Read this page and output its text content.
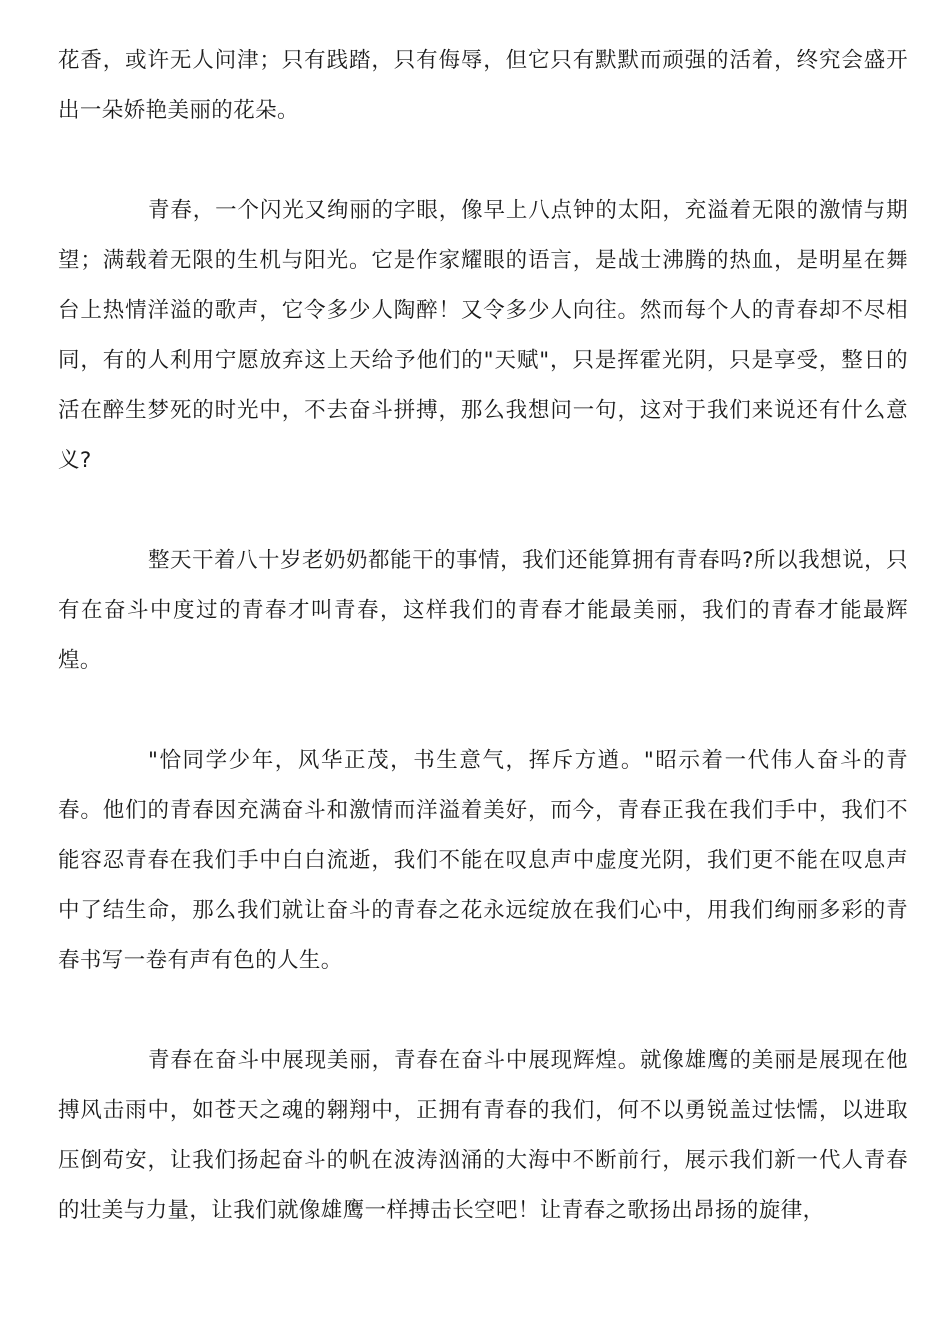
花香，或许无人问津；只有践踏，只有侮辱，但它只有默默而顽强的活着，终究会盛开出一朵娇艳美丽的花朵。

青春，一个闪光又绚丽的字眼，像早上八点钟的太阳，充溢着无限的激情与期望；满载着无限的生机与阳光。它是作家耀眼的语言，是战士沸腾的热血，是明星在舞台上热情洋溢的歌声，它令多少人陶醉！又令多少人向往。然而每个人的青春却不尽相同，有的人利用宁愿放弃这上天给予他们的"天赋"，只是挥霍光阴，只是享受，整日的活在醉生梦死的时光中，不去奋斗拼搏，那么我想问一句，这对于我们来说还有什么意义?

整天干着八十岁老奶奶都能干的事情，我们还能算拥有青春吗?所以我想说，只有在奋斗中度过的青春才叫青春，这样我们的青春才能最美丽，我们的青春才能最辉煌。

"恰同学少年，风华正茂，书生意气，挥斥方遒。"昭示着一代伟人奋斗的青春。他们的青春因充满奋斗和激情而洋溢着美好，而今，青春正我在我们手中，我们不能容忍青春在我们手中白白流逝，我们不能在叹息声中虚度光阴，我们更不能在叹息声中了结生命，那么我们就让奋斗的青春之花永远绽放在我们心中，用我们绚丽多彩的青春书写一卷有声有色的人生。

青春在奋斗中展现美丽，青春在奋斗中展现辉煌。就像雄鹰的美丽是展现在他搏风击雨中，如苍天之魂的翱翔中，正拥有青春的我们，何不以勇锐盖过怯懦，以进取压倒苟安，让我们扬起奋斗的帆在波涛汹涌的大海中不断前行，展示我们新一代人青春的壮美与力量，让我们就像雄鹰一样搏击长空吧！让青春之歌扬出昂扬的旋律，
